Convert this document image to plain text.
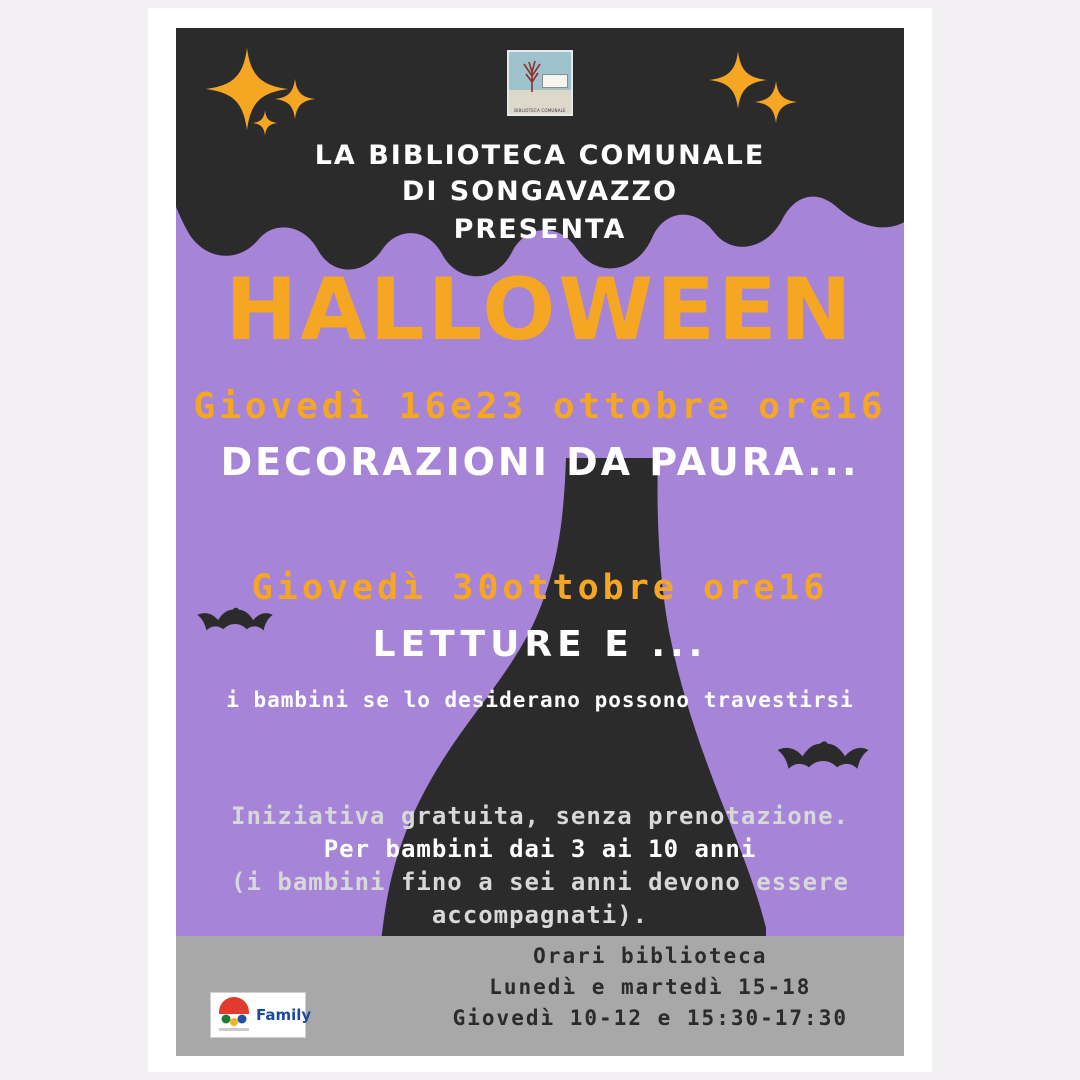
BIBLIOTECA COMUNALE
LA BIBLIOTECA COMUNALE
DI SONGAVAZZO
PRESENTA
HALLOWEEN
Giovedì 16e23 ottobre ore16
DECORAZIONI DA PAURA...
Giovedì 30ottobre ore16
LETTURE E ...
i bambini se lo desiderano possono travestirsi
Iniziativa gratuita, senza prenotazione.
Per bambini dai 3 ai 10 anni
(i bambini fino a sei anni devono essere
accompagnati).
Family
Orari biblioteca
Lunedì e martedì 15-18
Giovedì 10-12 e 15:30-17:30
